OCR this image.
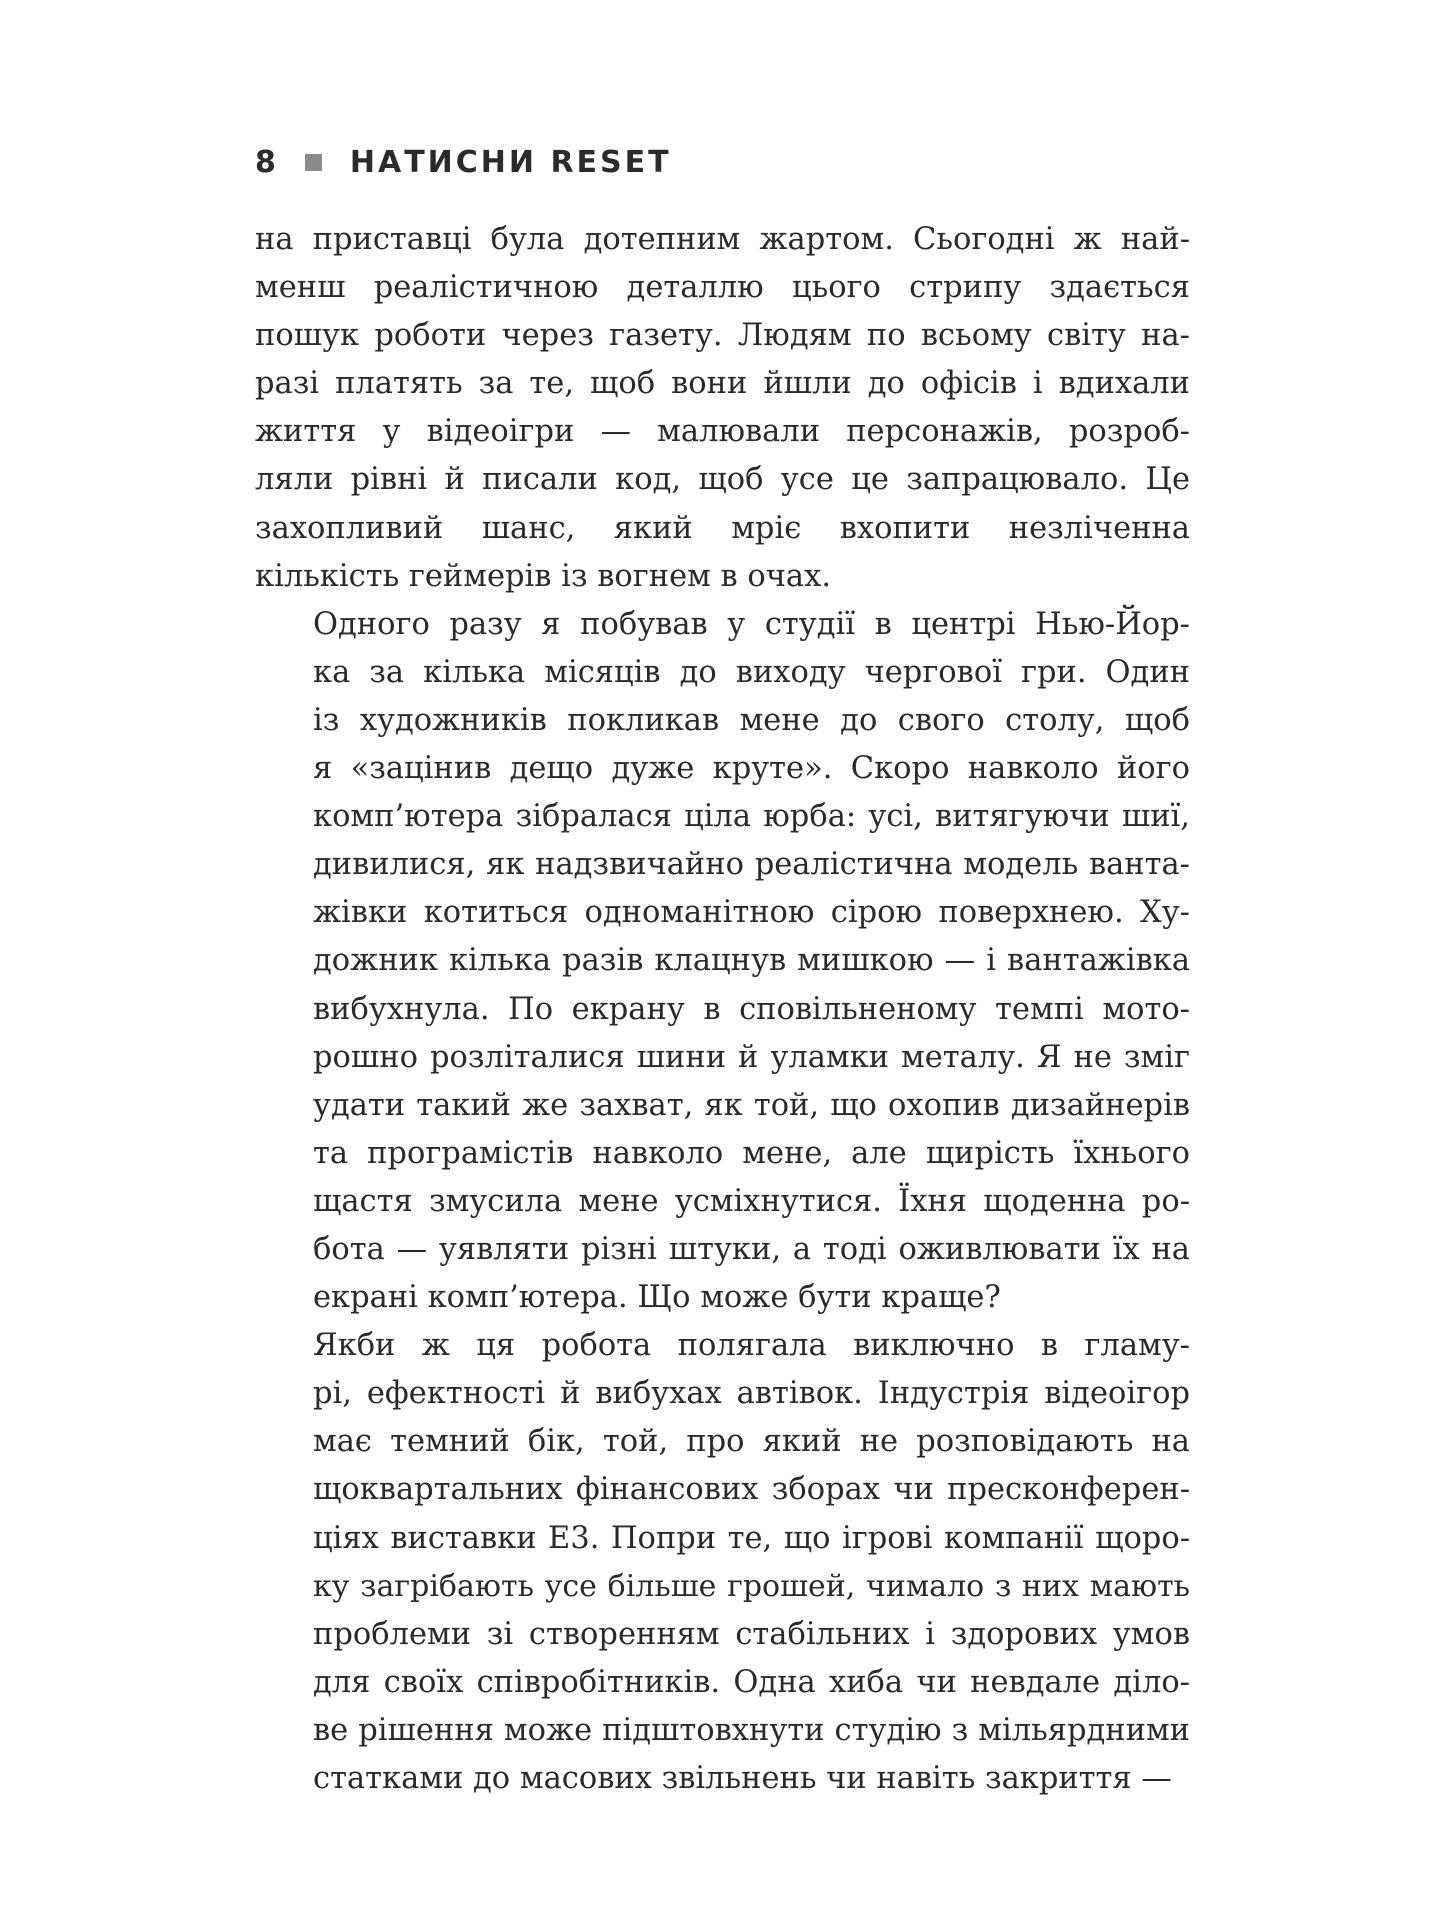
8 НАТИСНИ RESET

на приставці була дотепним жартом. Сьогодні ж най-
менш реалістичною деталлю цього стрипу здається
пошук роботи через газету. Людям по всьому світу на-
разі платять за те, щоб вони йшли до офісів і вдихали
життя у відеоігри — малювали персонажів, розроб-
ляли рівні й писали код, щоб усе це запрацювало. Це
захопливий шанс, який мріє вхопити незліченна
кількість геймерів із вогнем в очах.

Одного разу я побував у студії в центрі Нью-Йор-
ка за кілька місяців до виходу чергової гри. Один
із художників покликав мене до свого столу, щоб
я «зацінив дещо дуже круте». Скоро навколо його
комп’ютера зібралася ціла юрба: усі, витягуючи шиї,
дивилися, як надзвичайно реалістична модель ванта-
жівки котиться одноманітною сірою поверхнею. Ху-
дожник кілька разів клацнув мишкою — і вантажівка
вибухнула. По екрану в сповільненому темпі мото-
рошно розліталися шини й уламки металу. Я не зміг
удати такий же захват, як той, що охопив дизайнерів
та програмістів навколо мене, але щирість їхнього
щастя змусила мене усміхнутися. Їхня щоденна ро-
бота — уявляти різні штуки, а тоді оживлювати їх на
екрані комп’ютера. Що може бути краще?

Якби ж ця робота полягала виключно в гламу-
рі, ефектності й вибухах автівок. Індустрія відеоігор
має темний бік, той, про який не розповідають на
щоквартальних фінансових зборах чи пресконферен-
ціях виставки E3. Попри те, що ігрові компанії щоро-
ку загрібають усе більше грошей, чимало з них мають
проблеми зі створенням стабільних і здорових умов
для своїх співробітників. Одна хиба чи невдале діло-
ве рішення може підштовхнути студію з мільярдними
статками до масових звільнень чи навіть закриття —
